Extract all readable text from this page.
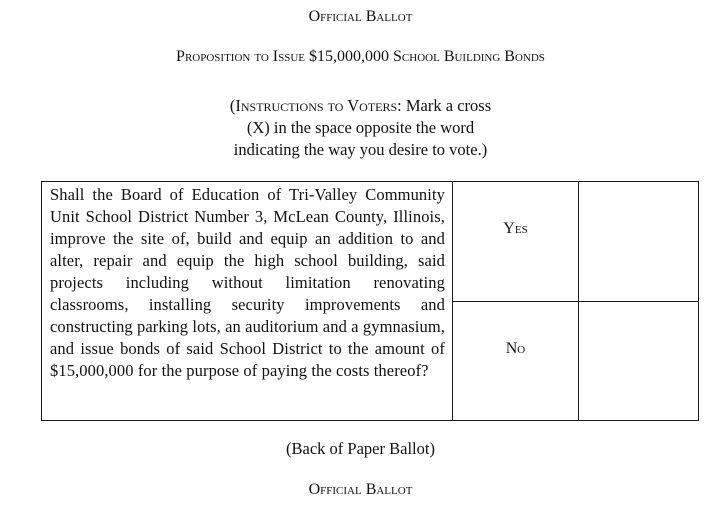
Official Ballot
Proposition to Issue $15,000,000 School Building Bonds
(Instructions to Voters: Mark a cross
(X) in the space opposite the word
indicating the way you desire to vote.)
Shall the Board of Education of Tri-Valley Community Unit School District Number 3, McLean County, Illinois, improve the site of, build and equip an addition to and alter, repair and equip the high school building, said projects including without limitation renovating classrooms, installing security improvements and constructing parking lots, an auditorium and a gymnasium, and issue bonds of said School District to the amount of $15,000,000 for the purpose of paying the costs thereof?	Yes	

	No	

(Back of Paper Ballot)
Official Ballot
